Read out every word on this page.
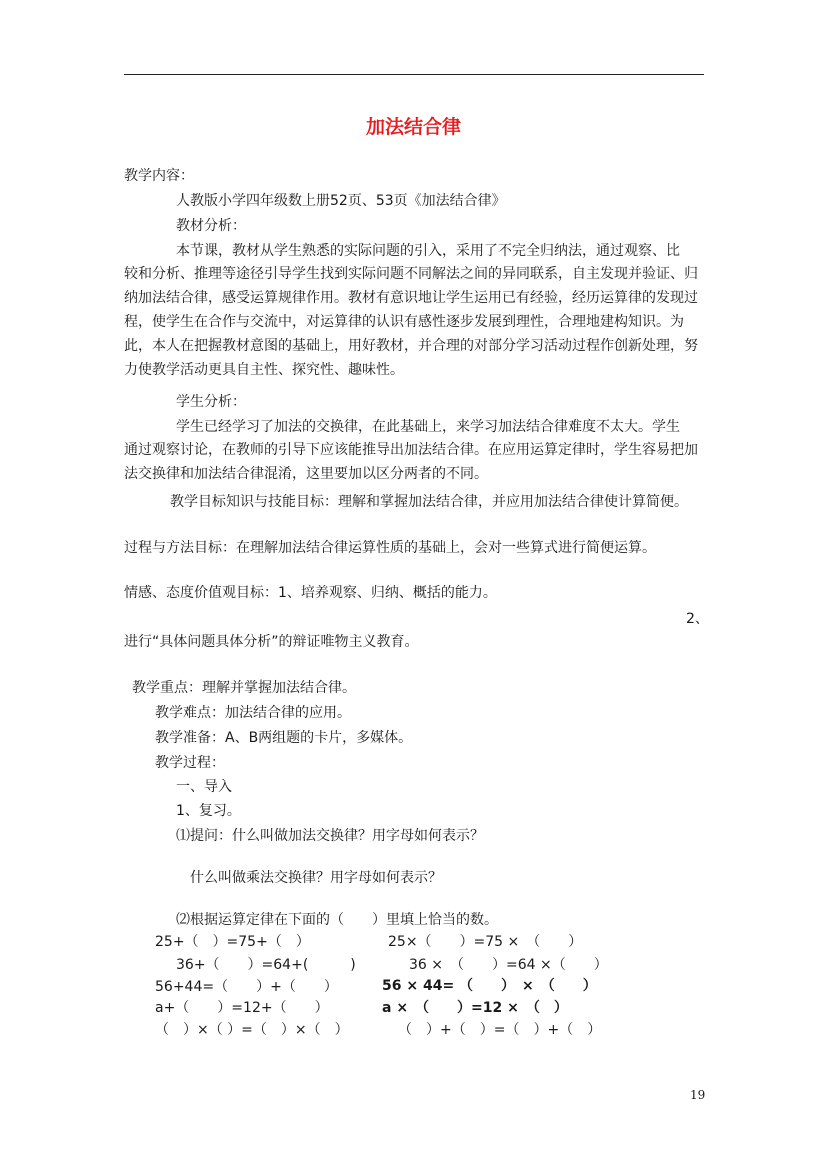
加法结合律
教学内容：
人教版小学四年级数上册52页、53页《加法结合律》
教材分析：
本节课，教材从学生熟悉的实际问题的引入，采用了不完全归纳法，通过观察、比
较和分析、推理等途径引导学生找到实际问题不同解法之间的异同联系，自主发现并验证、归纳加法结合律，感受运算规律作用。教材有意识地让学生运用已有经验，经历运算律的发现过程，使学生在合作与交流中，对运算律的认识有感性逐步发展到理性，合理地建构知识。为此，本人在把握教材意图的基础上，用好教材，并合理的对部分学习活动过程作创新处理，努力使教学活动更具自主性、探究性、趣味性。
学生分析：
学生已经学习了加法的交换律，在此基础上，来学习加法结合律难度不太大。学生
通过观察讨论，在教师的引导下应该能推导出加法结合律。在应用运算定律时，学生容易把加法交换律和加法结合律混淆，这里要加以区分两者的不同。
教学目标知识与技能目标：理解和掌握加法结合律，并应用加法结合律使计算简便。
过程与方法目标：在理解加法结合律运算性质的基础上，会对一些算式进行简便运算。
情感、态度价值观目标：1、培养观察、归纳、概括的能力。
2、
进行“具体问题具体分析”的辩证唯物主义教育。
教学重点：理解并掌握加法结合律。
教学难点：加法结合律的应用。
教学准备：A、B两组题的卡片，多媒体。
教学过程：
一、导入
1、复习。
⑴提问：什么叫做加法交换律？用字母如何表示？
什么叫做乘法交换律？用字母如何表示？
⑵根据运算定律在下面的（　　）里填上恰当的数。
25+（　）=75+（　）
36+（　　）=64+(　　　)
56+44=（　　）+（　　）
a+（　　）=12+（　　）
（　）×（ ）=（　）×（　）
25×（　　）=75 ×　（　　）
36 ×　（　　）=64 ×（　　）
56 × 44= （　　）　×　（　　）
a ×　（　　）=12 ×　（　）
（　）+（　）=（　）+（　）
19
